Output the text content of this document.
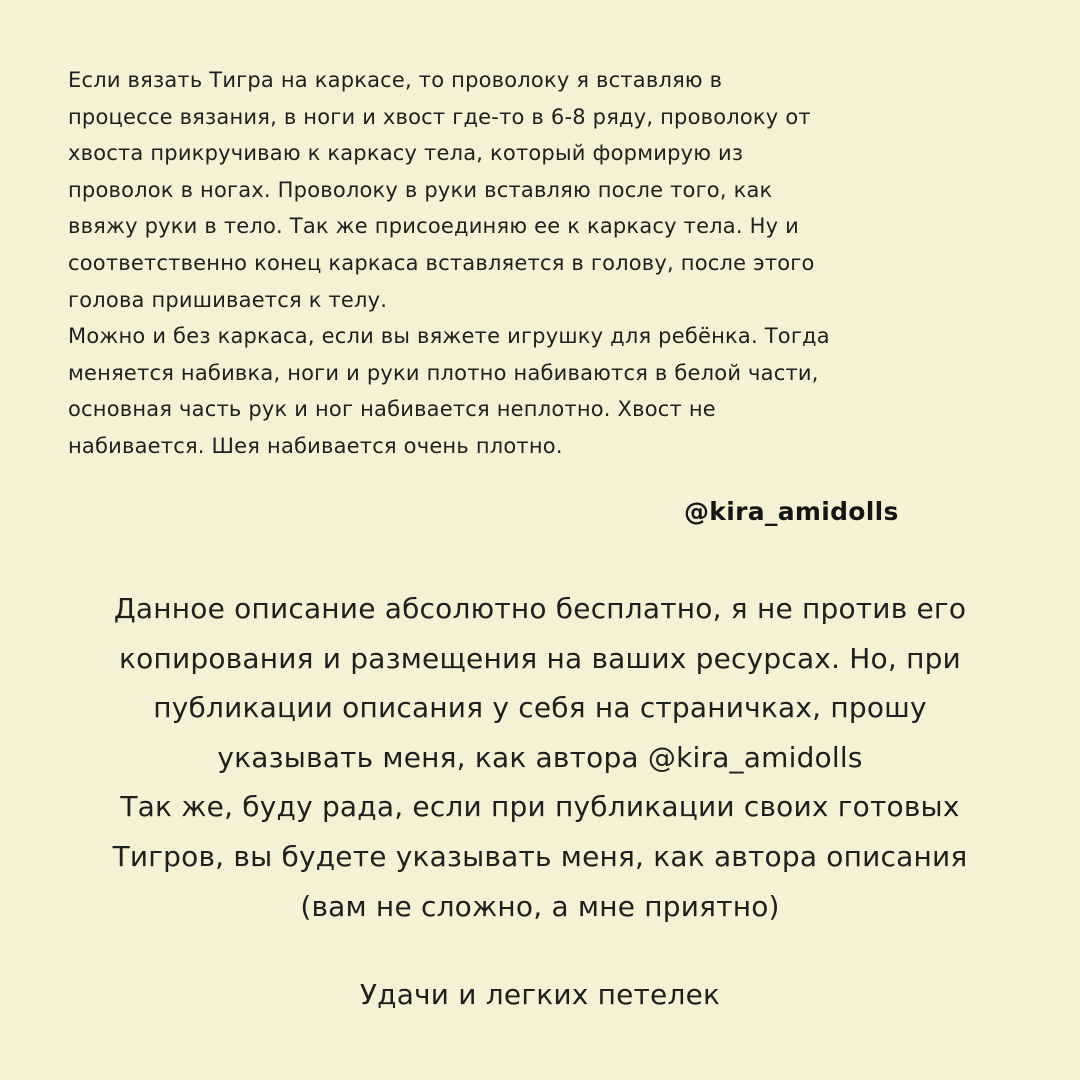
Если вязать Тигра на каркасе, то проволоку я вставляю в
процессе вязания, в ноги и хвост где-то в 6-8 ряду, проволоку от
хвоста прикручиваю к каркасу тела, который формирую из
проволок в ногах. Проволоку в руки вставляю после того, как
ввяжу руки в тело. Так же присоединяю ее к каркасу тела. Ну и
соответственно конец каркаса вставляется в голову, после этого
голова пришивается к телу.

Можно и без каркаса, если вы вяжете игрушку для ребёнка. Тогда
меняется набивка, ноги и руки плотно набиваются в белой части,
основная часть рук и ног набивается неплотно. Хвост не
набивается. Шея набивается очень плотно.

@kira_amidolls

Данное описание абсолютно бесплатно, я не против его
копирования и размещения на ваших ресурсах. Но, при
публикации описания у себя на страничках, прошу
указывать меня, как автора @kira_amidolls

Так же, буду рада, если при публикации своих готовых
Тигров, вы будете указывать меня, как автора описания
(вам не сложно, а мне приятно)

Удачи и легких петелек
